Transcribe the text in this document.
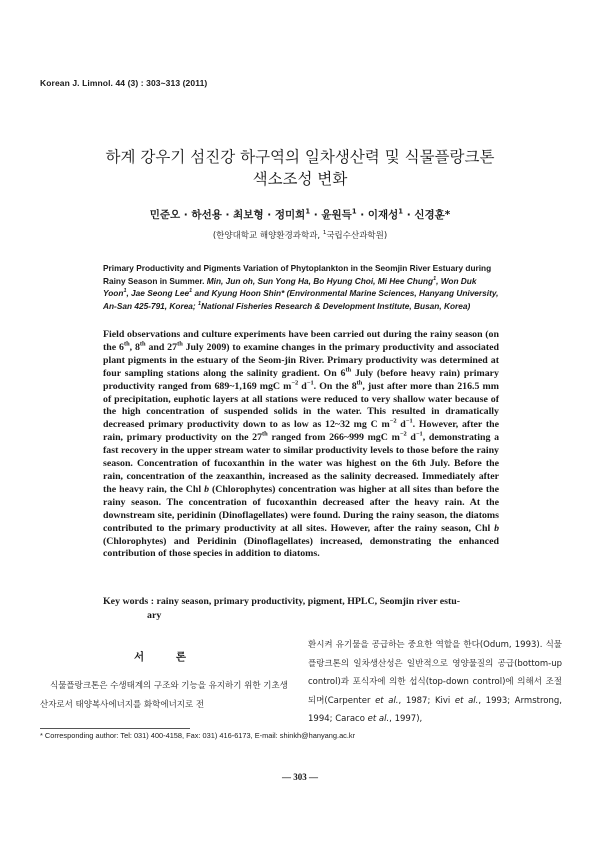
Korean J. Limnol. 44 (3) : 303~313 (2011)
하계 강우기 섬진강 하구역의 일차생산력 및 식물플랑크톤
색소조성 변화
민준오 · 하선용 · 최보형 · 정미희$^1$ · 윤원득$^1$ · 이재성$^1$ · 신경훈*
(한양대학교 해양환경과학과, $^1$국립수산과학원)
Primary Productivity and Pigments Variation of Phytoplankton in the Seomjin River Estuary during Rainy Season in Summer. Min, Jun oh, Sun Yong Ha, Bo Hyung Choi, Mi Hee Chung$^1$, Won Duk Yoon$^1$, Jae Seong Lee$^1$ and Kyung Hoon Shin* (Environmental Marine Sciences, Hanyang University, An-San 425-791, Korea; $^1$National Fisheries Research & Development Institute, Busan, Korea)
Field observations and culture experiments have been carried out during the rainy season (on the 6th, 8th and 27th July 2009) to examine changes in the primary productivity and associated plant pigments in the estuary of the Seom-jin River. Primary productivity was determined at four sampling stations along the salinity gradient. On 6th July (before heavy rain) primary productivity ranged from 689~1,169 mgC $m^{-2}$ $d^{-1}$. On the 8th, just after more than 216.5 mm of precipitation, euphotic layers at all stations were reduced to very shallow water because of the high concentration of suspended solids in the water. This resulted in dramatically decreased primary productivity down to as low as 12~32 mg C $m^{-2}$ $d^{-1}$. However, after the rain, primary productivity on the 27th ranged from 266~999 mgC $m^{-2}$ $d^{-1}$, demonstrating a fast recovery in the upper stream water to similar productivity levels to those before the rainy season. Concentration of fucoxanthin in the water was highest on the 6th July. Before the rain, concentration of the zeaxanthin, increased as the salinity decreased. Immediately after the heavy rain, the Chl b (Chlorophytes) concentration was higher at all sites than before the rainy season. The concentration of fucoxanthin decreased after the heavy rain. At the downstream site, peridinin (Dinoflagellates) were found. During the rainy season, the diatoms contributed to the primary productivity at all sites. However, after the rainy season, Chl b (Chlorophytes) and Peridinin (Dinoflagellates) increased, demonstrating the enhanced contribution of those species in addition to diatoms.
Key words : rainy season, primary productivity, pigment, HPLC, Seomjin river estu-
ary
서 론

식물플랑크톤은 수생태계의 구조와 기능을 유지하기 위한 기초생산자로서 태양복사에너지를 화학에너지로 전

환시켜 유기물을 공급하는 중요한 역할을 한다(Odum, 1993). 식물플랑크톤의 일차생산성은 일반적으로 영양물질의 공급(bottom-up control)과 포식자에 의한 섭식(top-down control)에 의해서 조절되며(Carpenter et al., 1987; Kivi et al., 1993; Armstrong, 1994; Caraco et al., 1997),
* Corresponding author: Tel: 031) 400-4158, Fax: 031) 416-6173, E-mail: shinkh@hanyang.ac.kr
— 303 —
